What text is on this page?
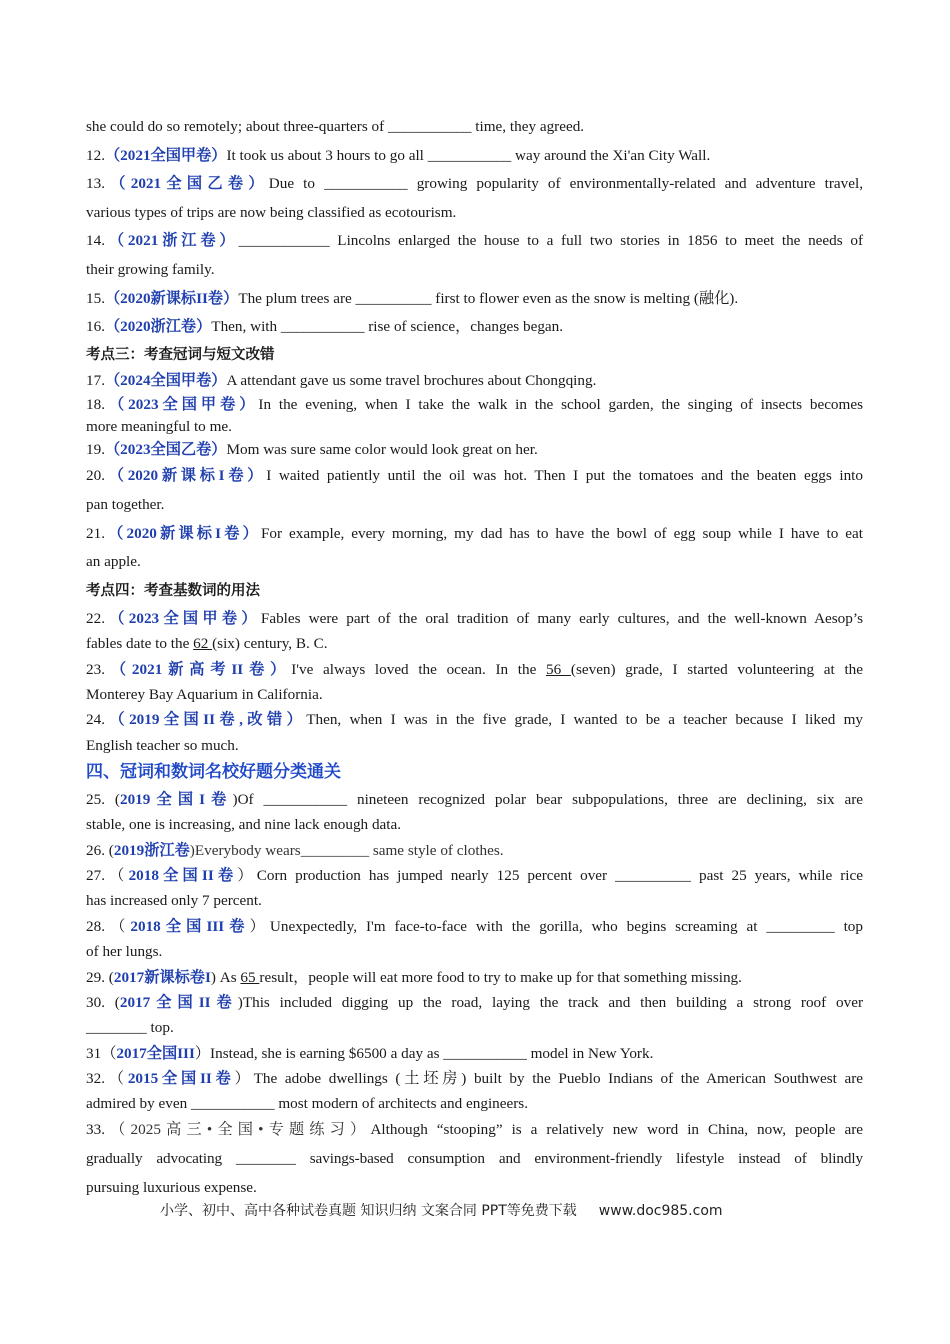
she could do so remotely; about three-quarters of ___________ time, they agreed.
12.（2021全国甲卷）It took us about 3 hours to go all ___________ way around the Xi'an City Wall.
13.（2021全国乙卷）Due to ___________ growing popularity of environmentally-related and adventure travel,
various types of trips are now being classified as ecotourism.
14.（2021浙江卷）____________ Lincolns enlarged the house to a full two stories in 1856 to meet the needs of
their growing family.
15.（2020新课标II卷）The plum trees are __________ first to flower even as the snow is melting (融化).
16.（2020浙江卷）Then, with ___________ rise of science，changes began.
考点三：考查冠词与短文改错
17.（2024全国甲卷）A attendant gave us some travel brochures about Chongqing.
18.（2023全国甲卷）In the evening, when I take the walk in the school garden, the singing of insects becomes
more meaningful to me.
19.（2023全国乙卷）Mom was sure same color would look great on her.
20.（2020新课标I卷）I waited patiently until the oil was hot. Then I put the tomatoes and the beaten eggs into
pan together.
21.（2020新课标I卷）For example, every morning, my dad has to have the bowl of egg soup while I have to eat
an apple.
考点四：考查基数词的用法
22.（2023全国甲卷）Fables were part of the oral tradition of many early cultures, and the well-known Aesop’s
fables date to the 62 (six) century, B. C.
23.（2021新高考II卷）I've always loved the ocean. In the 56 (seven) grade, I started volunteering at the
Monterey Bay Aquarium in California.
24.（2019全国II卷,改错）Then, when I was in the five grade, I wanted to be a teacher because I liked my
English teacher so much.
四、冠词和数词名校好题分类通关
25. (2019全国I卷)Of ___________ nineteen recognized polar bear subpopulations, three are declining, six are
stable, one is increasing, and nine lack enough data.
26. (2019浙江卷)Everybody wears_________ same style of clothes.
27.（2018全国II卷）Corn production has jumped nearly 125 percent over __________ past 25 years, while rice
has increased only 7 percent.
28.（2018全国III卷）Unexpectedly, I'm face-to-face with the gorilla, who begins screaming at _________ top
of her lungs.
29. (2017新课标卷I) As 65 result，people will eat more food to try to make up for that something missing.
30. (2017全国II卷)This included digging up the road, laying the track and then building a strong roof over
________ top.
31（2017全国III）Instead, she is earning $6500 a day as ___________ model in New York.
32.（2015全国II卷）The adobe dwellings (土坯房) built by the Pueblo Indians of the American Southwest are
admired by even ___________ most modern of architects and engineers.
33.（2025高三•全国•专题练习）Although “stooping” is a relatively new word in China, now, people are
gradually advocating ________ savings-based consumption and environment-friendly lifestyle instead of blindly
pursuing luxurious expense.
小学、初中、高中各种试卷真题 知识归纳 文案合同 PPT等免费下载 www.doc985.com
